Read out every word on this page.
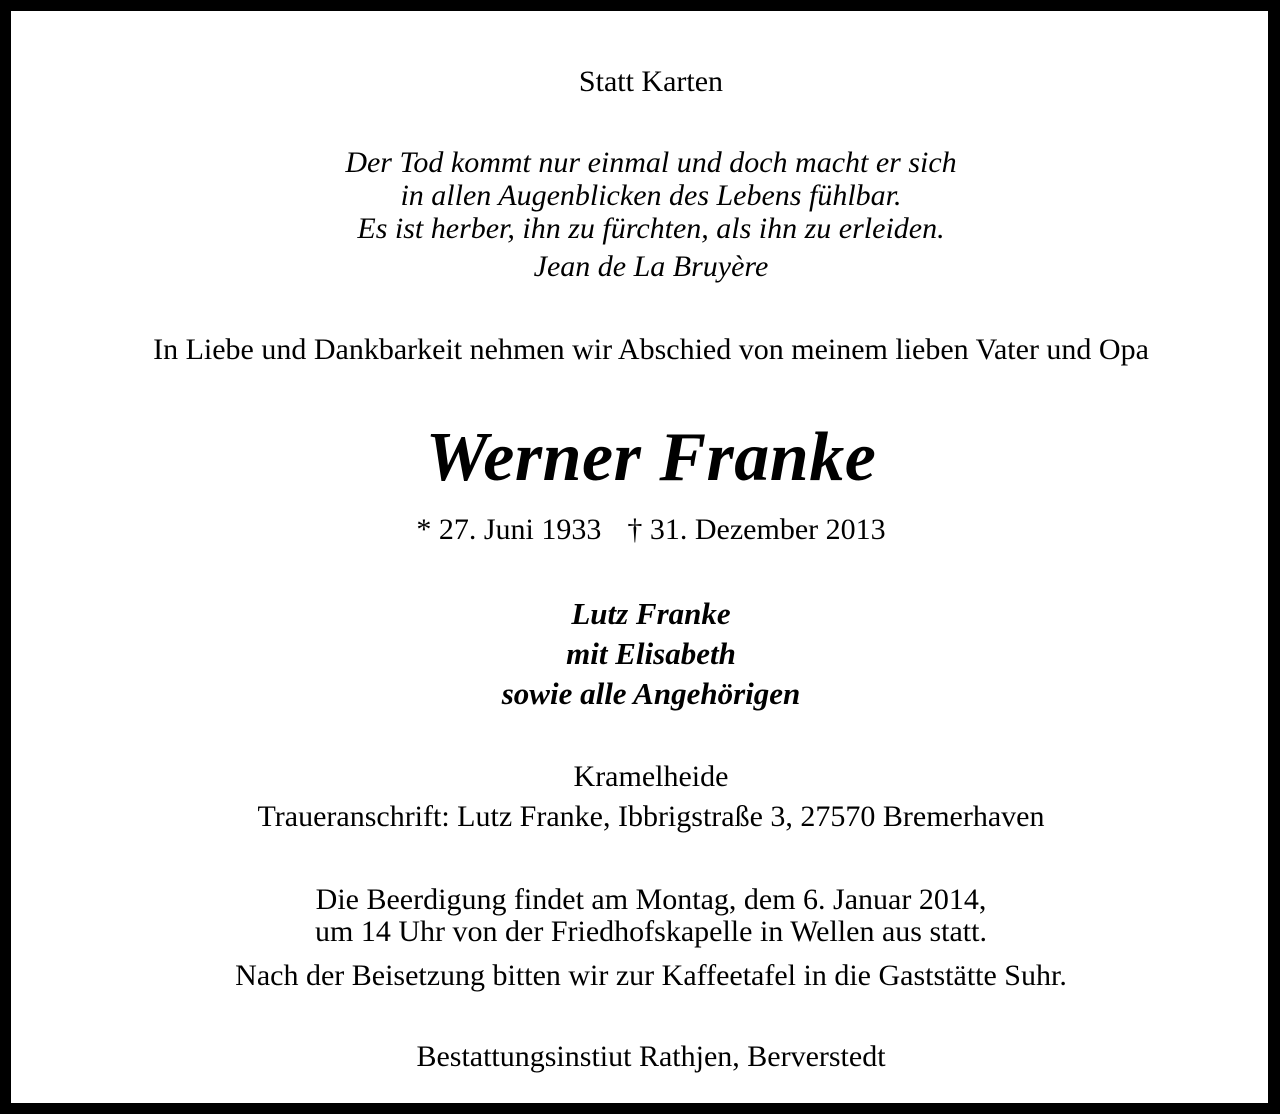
Statt Karten
Der Tod kommt nur einmal und doch macht er sich
in allen Augenblicken des Lebens fühlbar.
Es ist herber, ihn zu fürchten, als ihn zu erleiden.
Jean de La Bruyère
In Liebe und Dankbarkeit nehmen wir Abschied von meinem lieben Vater und Opa
Werner Franke
* 27. Juni 1933 † 31. Dezember 2013
Lutz Franke
mit Elisabeth
sowie alle Angehörigen
Kramelheide
Traueranschrift: Lutz Franke, Ibbrigstraße 3, 27570 Bremerhaven
Die Beerdigung findet am Montag, dem 6. Januar 2014,
um 14 Uhr von der Friedhofskapelle in Wellen aus statt.
Nach der Beisetzung bitten wir zur Kaffeetafel in die Gaststätte Suhr.
Bestattungsinstiut Rathjen, Berverstedt
